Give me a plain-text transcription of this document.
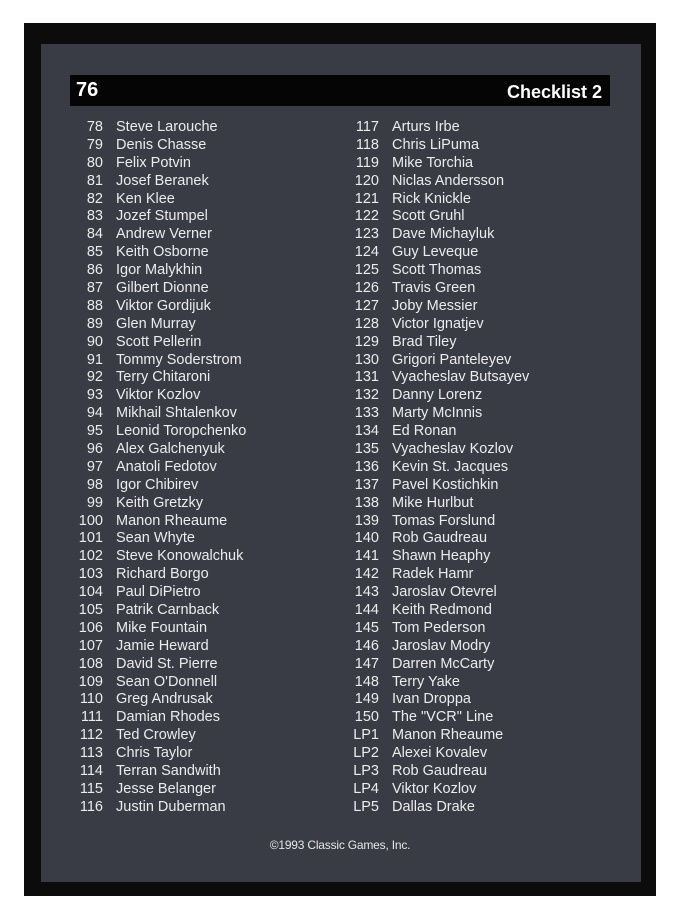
76	Checklist 2
78 Steve Larouche
79 Denis Chasse
80 Felix Potvin
81 Josef Beranek
82 Ken Klee
83 Jozef Stumpel
84 Andrew Verner
85 Keith Osborne
86 Igor Malykhin
87 Gilbert Dionne
88 Viktor Gordijuk
89 Glen Murray
90 Scott Pellerin
91 Tommy Soderstrom
92 Terry Chitaroni
93 Viktor Kozlov
94 Mikhail Shtalenkov
95 Leonid Toropchenko
96 Alex Galchenyuk
97 Anatoli Fedotov
98 Igor Chibirev
99 Keith Gretzky
100 Manon Rheaume
101 Sean Whyte
102 Steve Konowalchuk
103 Richard Borgo
104 Paul DiPietro
105 Patrik Carnback
106 Mike Fountain
107 Jamie Heward
108 David St. Pierre
109 Sean O'Donnell
110 Greg Andrusak
111 Damian Rhodes
112 Ted Crowley
113 Chris Taylor
114 Terran Sandwith
115 Jesse Belanger
116 Justin Duberman
117 Arturs Irbe
118 Chris LiPuma
119 Mike Torchia
120 Niclas Andersson
121 Rick Knickle
122 Scott Gruhl
123 Dave Michayluk
124 Guy Leveque
125 Scott Thomas
126 Travis Green
127 Joby Messier
128 Victor Ignatjev
129 Brad Tiley
130 Grigori Panteleyev
131 Vyacheslav Butsayev
132 Danny Lorenz
133 Marty McInnis
134 Ed Ronan
135 Vyacheslav Kozlov
136 Kevin St. Jacques
137 Pavel Kostichkin
138 Mike Hurlbut
139 Tomas Forslund
140 Rob Gaudreau
141 Shawn Heaphy
142 Radek Hamr
143 Jaroslav Otevrel
144 Keith Redmond
145 Tom Pederson
146 Jaroslav Modry
147 Darren McCarty
148 Terry Yake
149 Ivan Droppa
150 The "VCR" Line
LP1 Manon Rheaume
LP2 Alexei Kovalev
LP3 Rob Gaudreau
LP4 Viktor Kozlov
LP5 Dallas Drake
©1993 Classic Games, Inc.
